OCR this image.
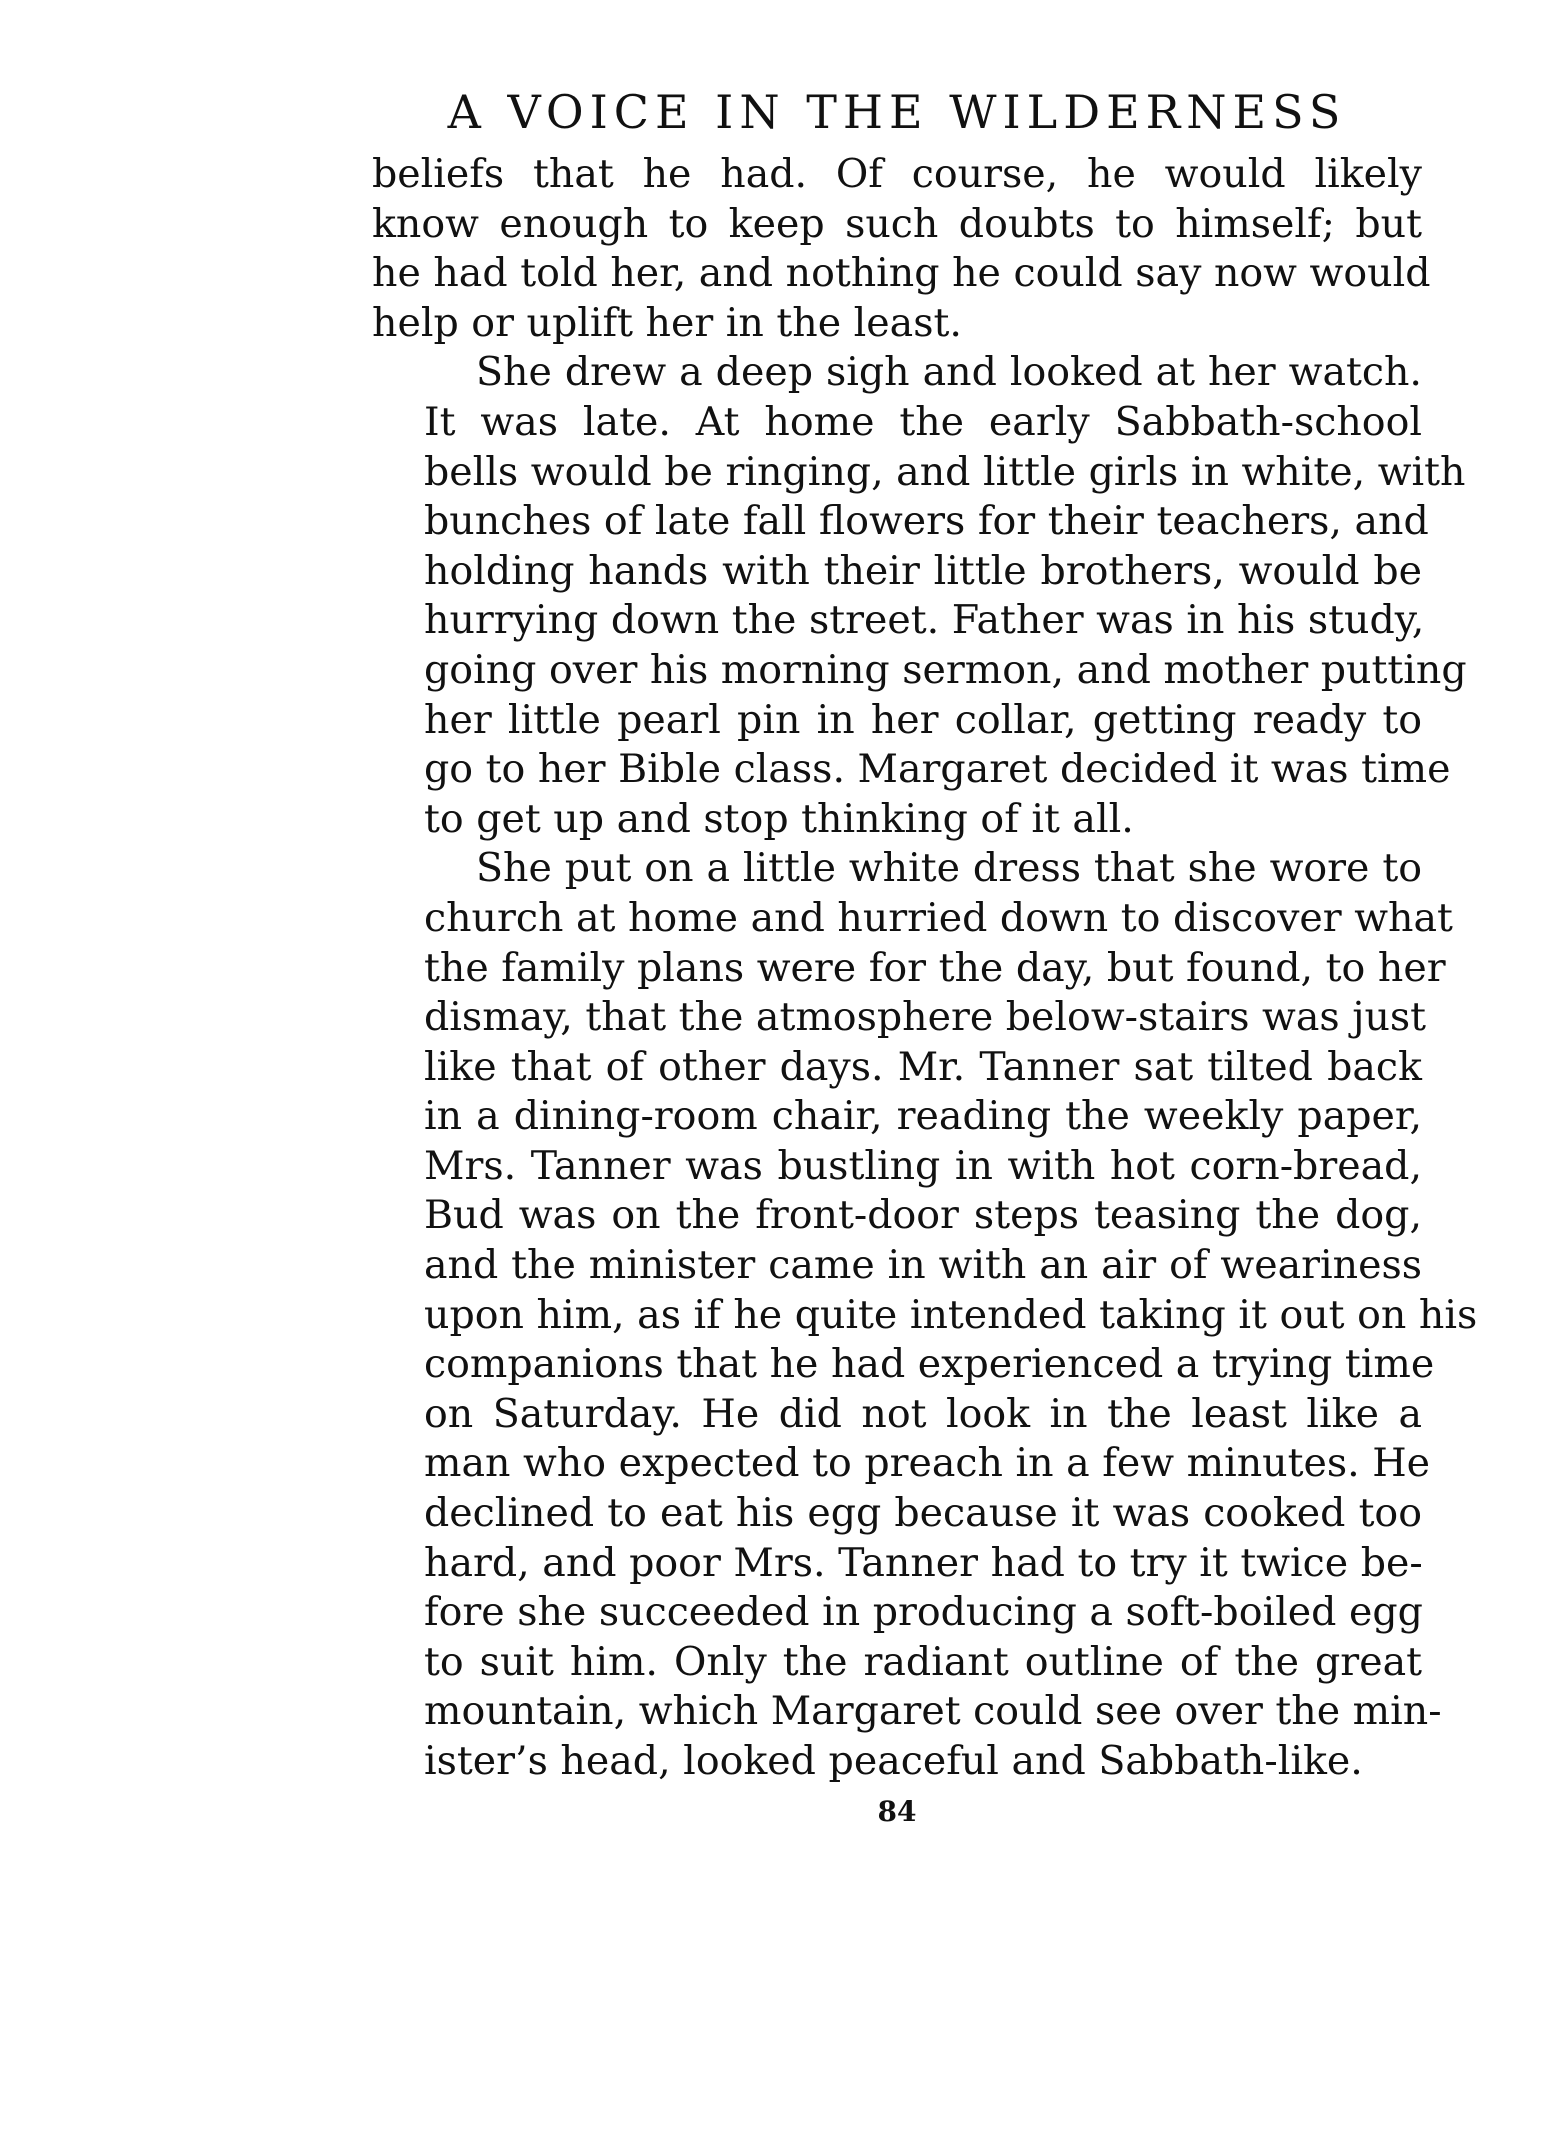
A VOICE IN THE WILDERNESS
beliefs that he had. Of course, he would likely
know enough to keep such doubts to himself; but
he had told her, and nothing he could say now would
help or uplift her in the least.
She drew a deep sigh and looked at her watch.
It was late. At home the early Sabbath-school
bells would be ringing, and little girls in white, with
bunches of late fall flowers for their teachers, and
holding hands with their little brothers, would be
hurrying down the street. Father was in his study,
going over his morning sermon, and mother putting
her little pearl pin in her collar, getting ready to
go to her Bible class. Margaret decided it was time
to get up and stop thinking of it all.
She put on a little white dress that she wore to
church at home and hurried down to discover what
the family plans were for the day, but found, to her
dismay, that the atmosphere below-stairs was just
like that of other days. Mr. Tanner sat tilted back
in a dining-room chair, reading the weekly paper,
Mrs. Tanner was bustling in with hot corn-bread,
Bud was on the front-door steps teasing the dog,
and the minister came in with an air of weariness
upon him, as if he quite intended taking it out on his
companions that he had experienced a trying time
on Saturday. He did not look in the least like a
man who expected to preach in a few minutes. He
declined to eat his egg because it was cooked too
hard, and poor Mrs. Tanner had to try it twice be-
fore she succeeded in producing a soft-boiled egg
to suit him. Only the radiant outline of the great
mountain, which Margaret could see over the min-
ister’s head, looked peaceful and Sabbath-like.
84
